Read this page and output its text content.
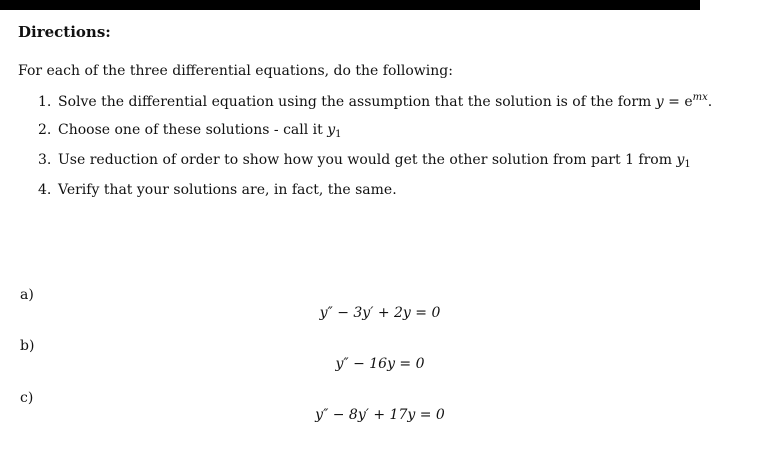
Directions:
For each of the three differential equations, do the following:
1. Solve the differential equation using the assumption that the solution is of the form $y = e^{mx}$.
2. Choose one of these solutions - call it $y_1$
3. Use reduction of order to show how you would get the other solution from part 1 from $y_1$
4. Verify that your solutions are, in fact, the same.
a)
y″ − 3y′ + 2y = 0
b)
y″ − 16y = 0
c)
y″ − 8y′ + 17y = 0
